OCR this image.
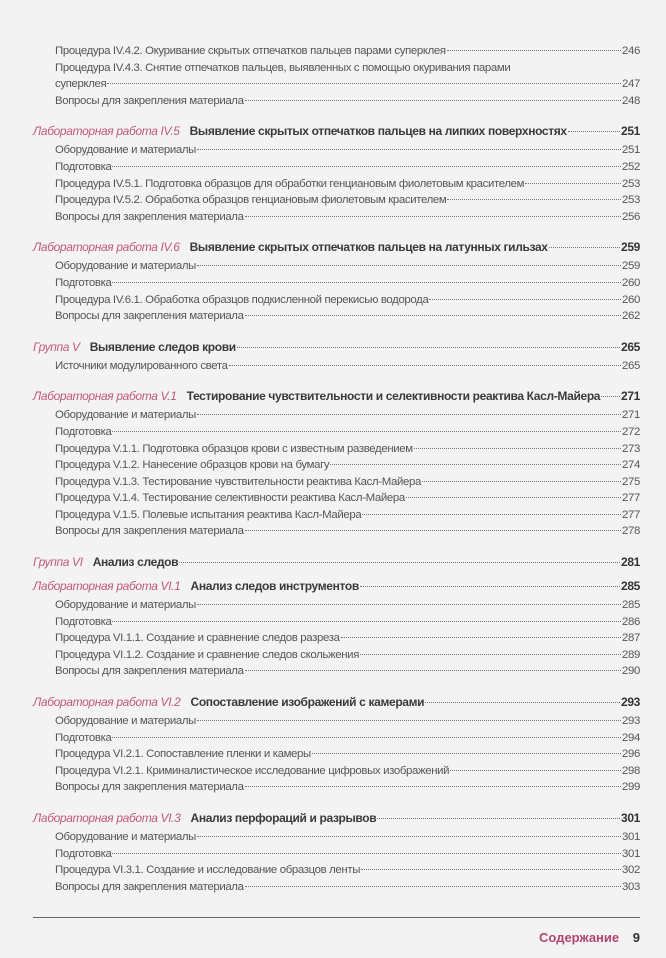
Процедура IV.4.2. Окуривание скрытых отпечатков пальцев парами суперклея	246
Процедура IV.4.3. Снятие отпечатков пальцев, выявленных с помощью окуривания парами
суперклея	247
Вопросы для закрепления материала	248
Лабораторная работа IV.5 Выявление скрытых отпечатков пальцев на липких поверхностях	251
Оборудование и материалы	251
Подготовка	252
Процедура IV.5.1. Подготовка образцов для обработки генциановым фиолетовым красителем	253
Процедура IV.5.2. Обработка образцов генциановым фиолетовым красителем	253
Вопросы для закрепления материала	256
Лабораторная работа IV.6 Выявление скрытых отпечатков пальцев на латунных гильзах	259
Оборудование и материалы	259
Подготовка	260
Процедура IV.6.1. Обработка образцов подкисленной перекисью водорода	260
Вопросы для закрепления материала	262
Группа V Выявление следов крови	265
Источники модулированного света	265
Лабораторная работа V.1 Тестирование чувствительности и селективности реактива Касл-Майера 271
Оборудование и материалы	271
Подготовка	272
Процедура V.1.1. Подготовка образцов крови с известным разведением	273
Процедура V.1.2. Нанесение образцов крови на бумагу	274
Процедура V.1.3. Тестирование чувствительности реактива Касл-Майера	275
Процедура V.1.4. Тестирование селективности реактива Касл-Майера	277
Процедура V.1.5. Полевые испытания реактива Касл-Майера	277
Вопросы для закрепления материала	278
Группа VI Анализ следов	281
Лабораторная работа VI.1 Анализ следов инструментов	285
Оборудование и материалы	285
Подготовка	286
Процедура VI.1.1. Создание и сравнение следов разреза	287
Процедура VI.1.2. Создание и сравнение следов скольжения	289
Вопросы для закрепления материала	290
Лабораторная работа VI.2 Сопоставление изображений с камерами	293
Оборудование и материалы	293
Подготовка	294
Процедура VI.2.1. Сопоставление пленки и камеры	296
Процедура VI.2.1. Криминалистическое исследование цифровых изображений	298
Вопросы для закрепления материала	299
Лабораторная работа VI.3 Анализ перфораций и разрывов	301
Оборудование и материалы	301
Подготовка	301
Процедура VI.3.1. Создание и исследование образцов ленты	302
Вопросы для закрепления материала	303
Содержание 9
